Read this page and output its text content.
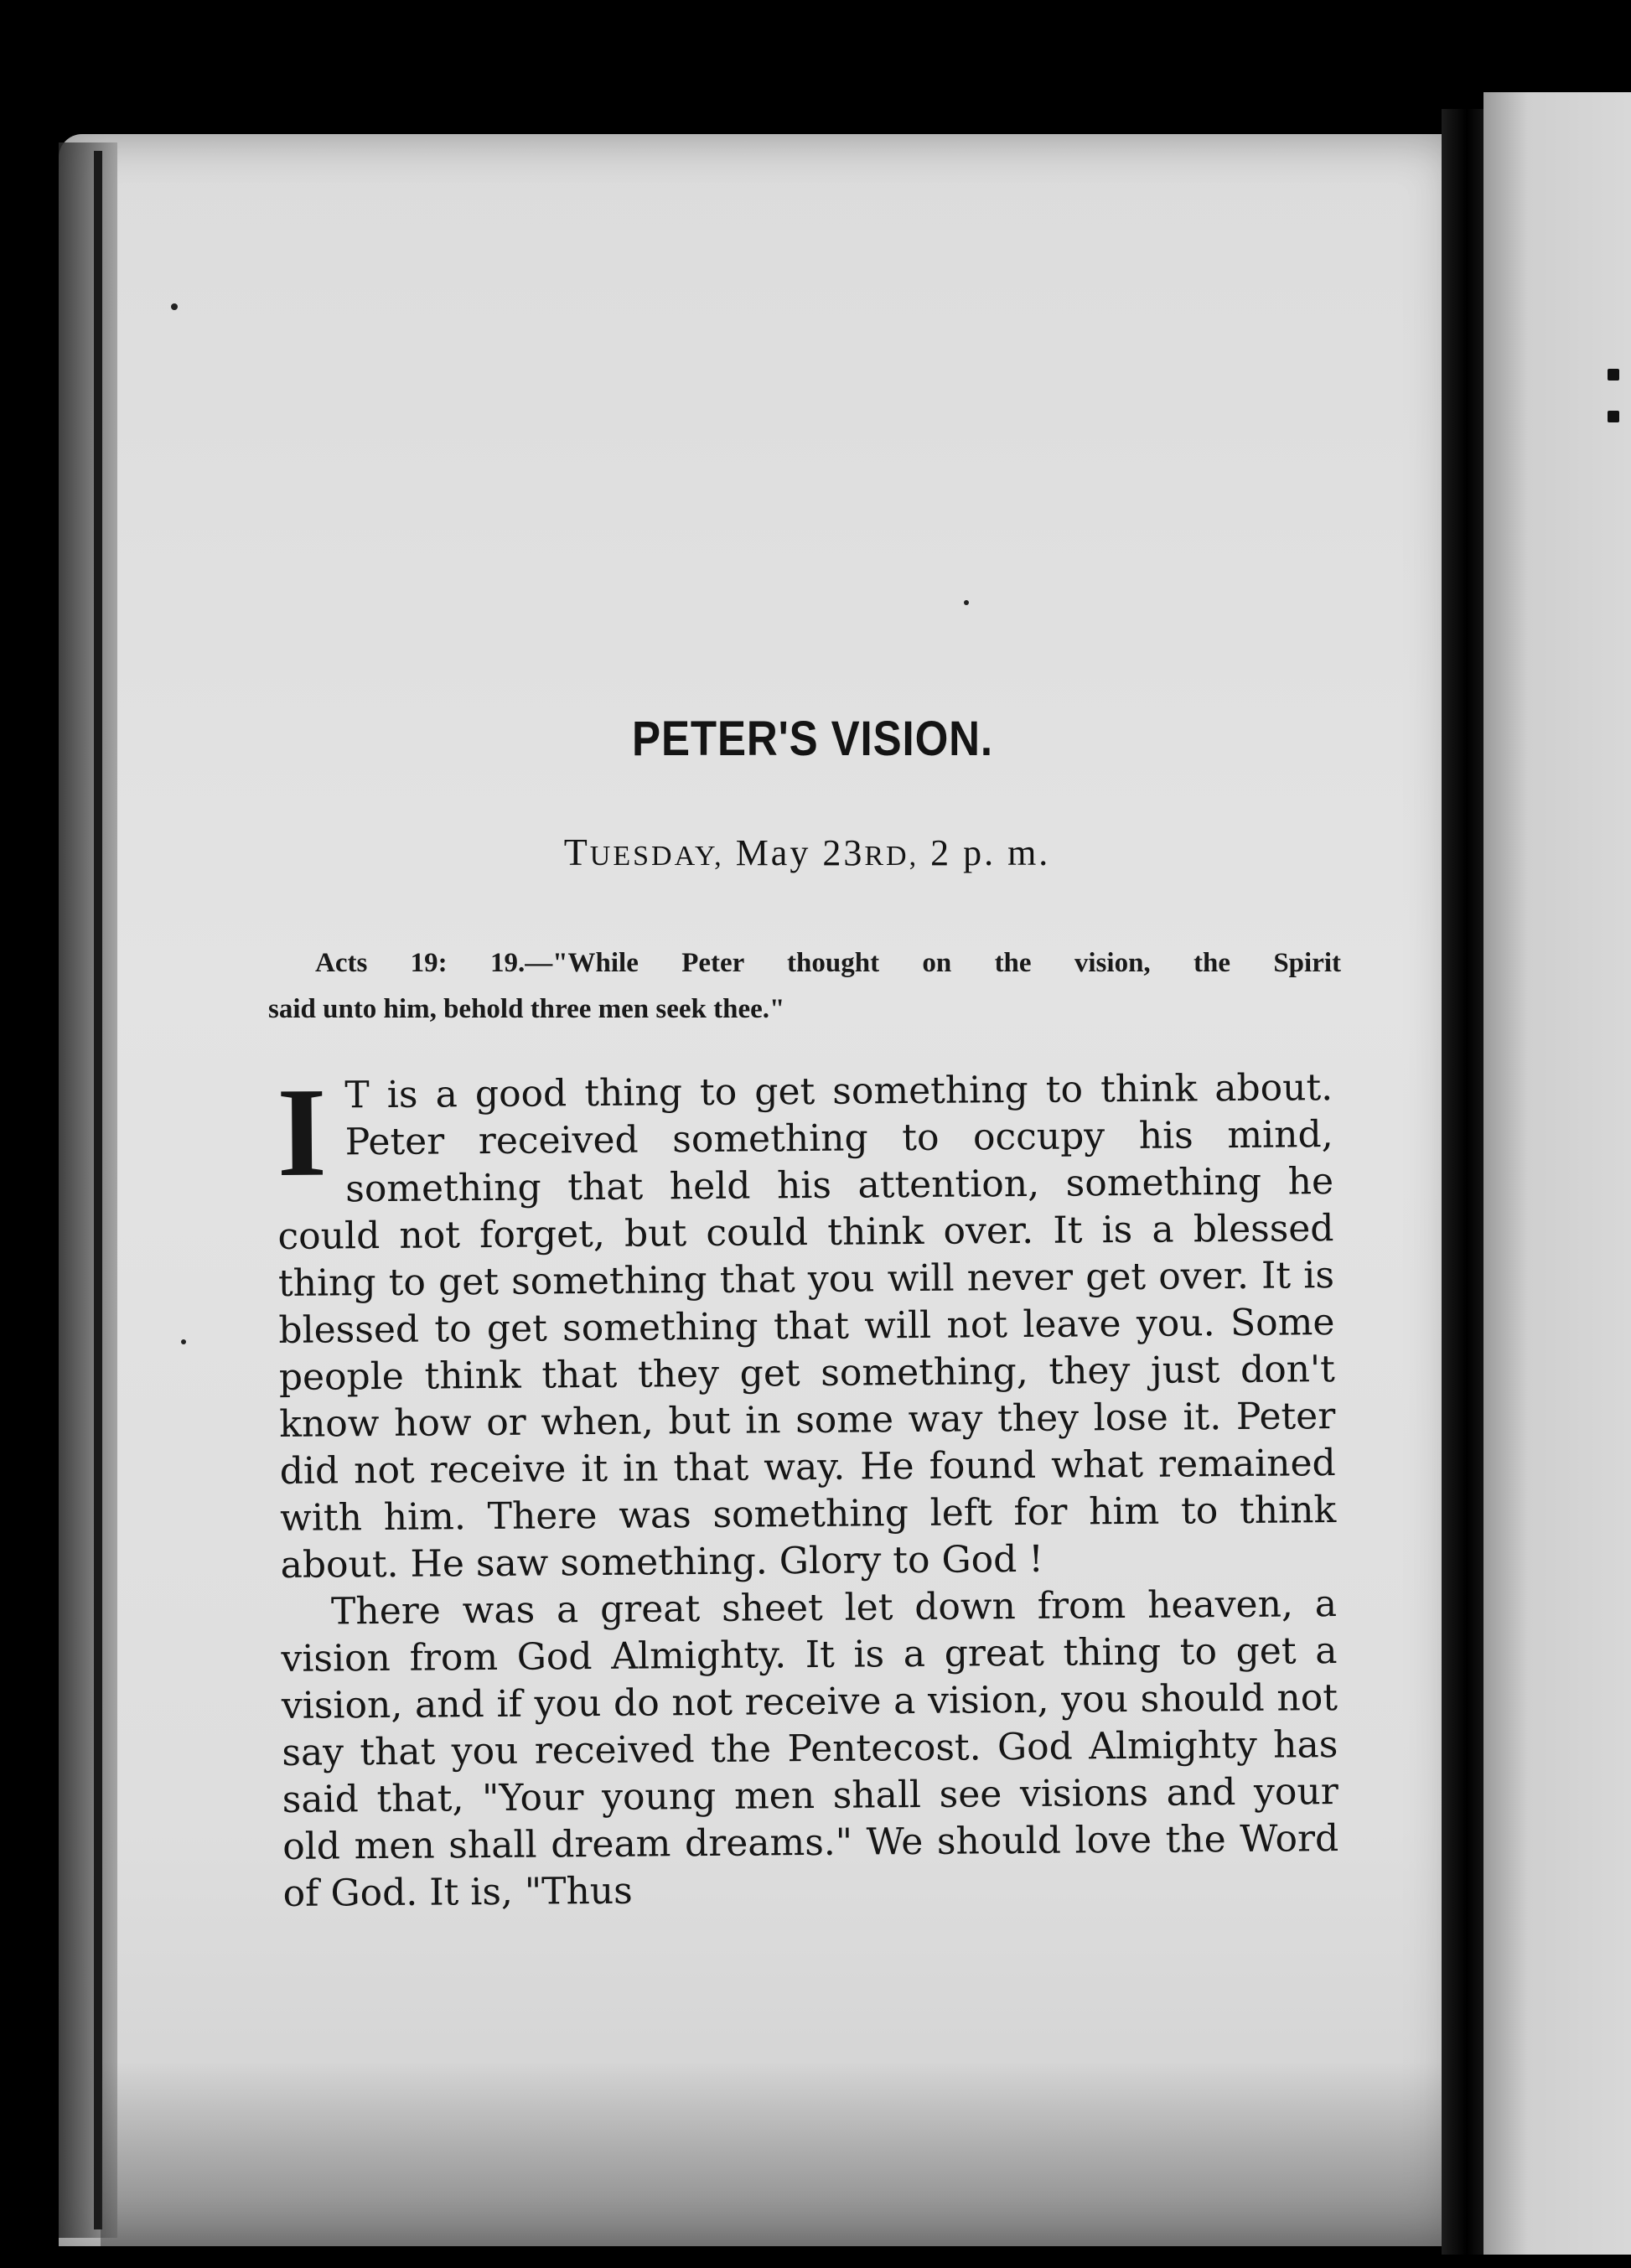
PETER'S VISION.
TUESDAY, May 23RD, 2 p. m.
Acts 19: 19.—"While Peter thought on the vision, the Spirit
said unto him, behold three men seek thee."

I T is a good thing to get something to think about. Peter received something to occupy his mind, something that held his attention, something he could not forget, but could think over. It is a blessed thing to get something that you will never get over. It is blessed to get something that will not leave you. Some people think that they get something, they just don't know how or when, but in some way they lose it. Peter did not receive it in that way. He found what remained with him. There was something left for him to think about. He saw something. Glory to God !

There was a great sheet let down from heaven, a vision from God Almighty. It is a great thing to get a vision, and if you do not receive a vision, you should not say that you received the Pentecost. God Almighty has said that, "Your young men shall see visions and your old men shall dream dreams." We should love the Word of God. It is, "Thus
